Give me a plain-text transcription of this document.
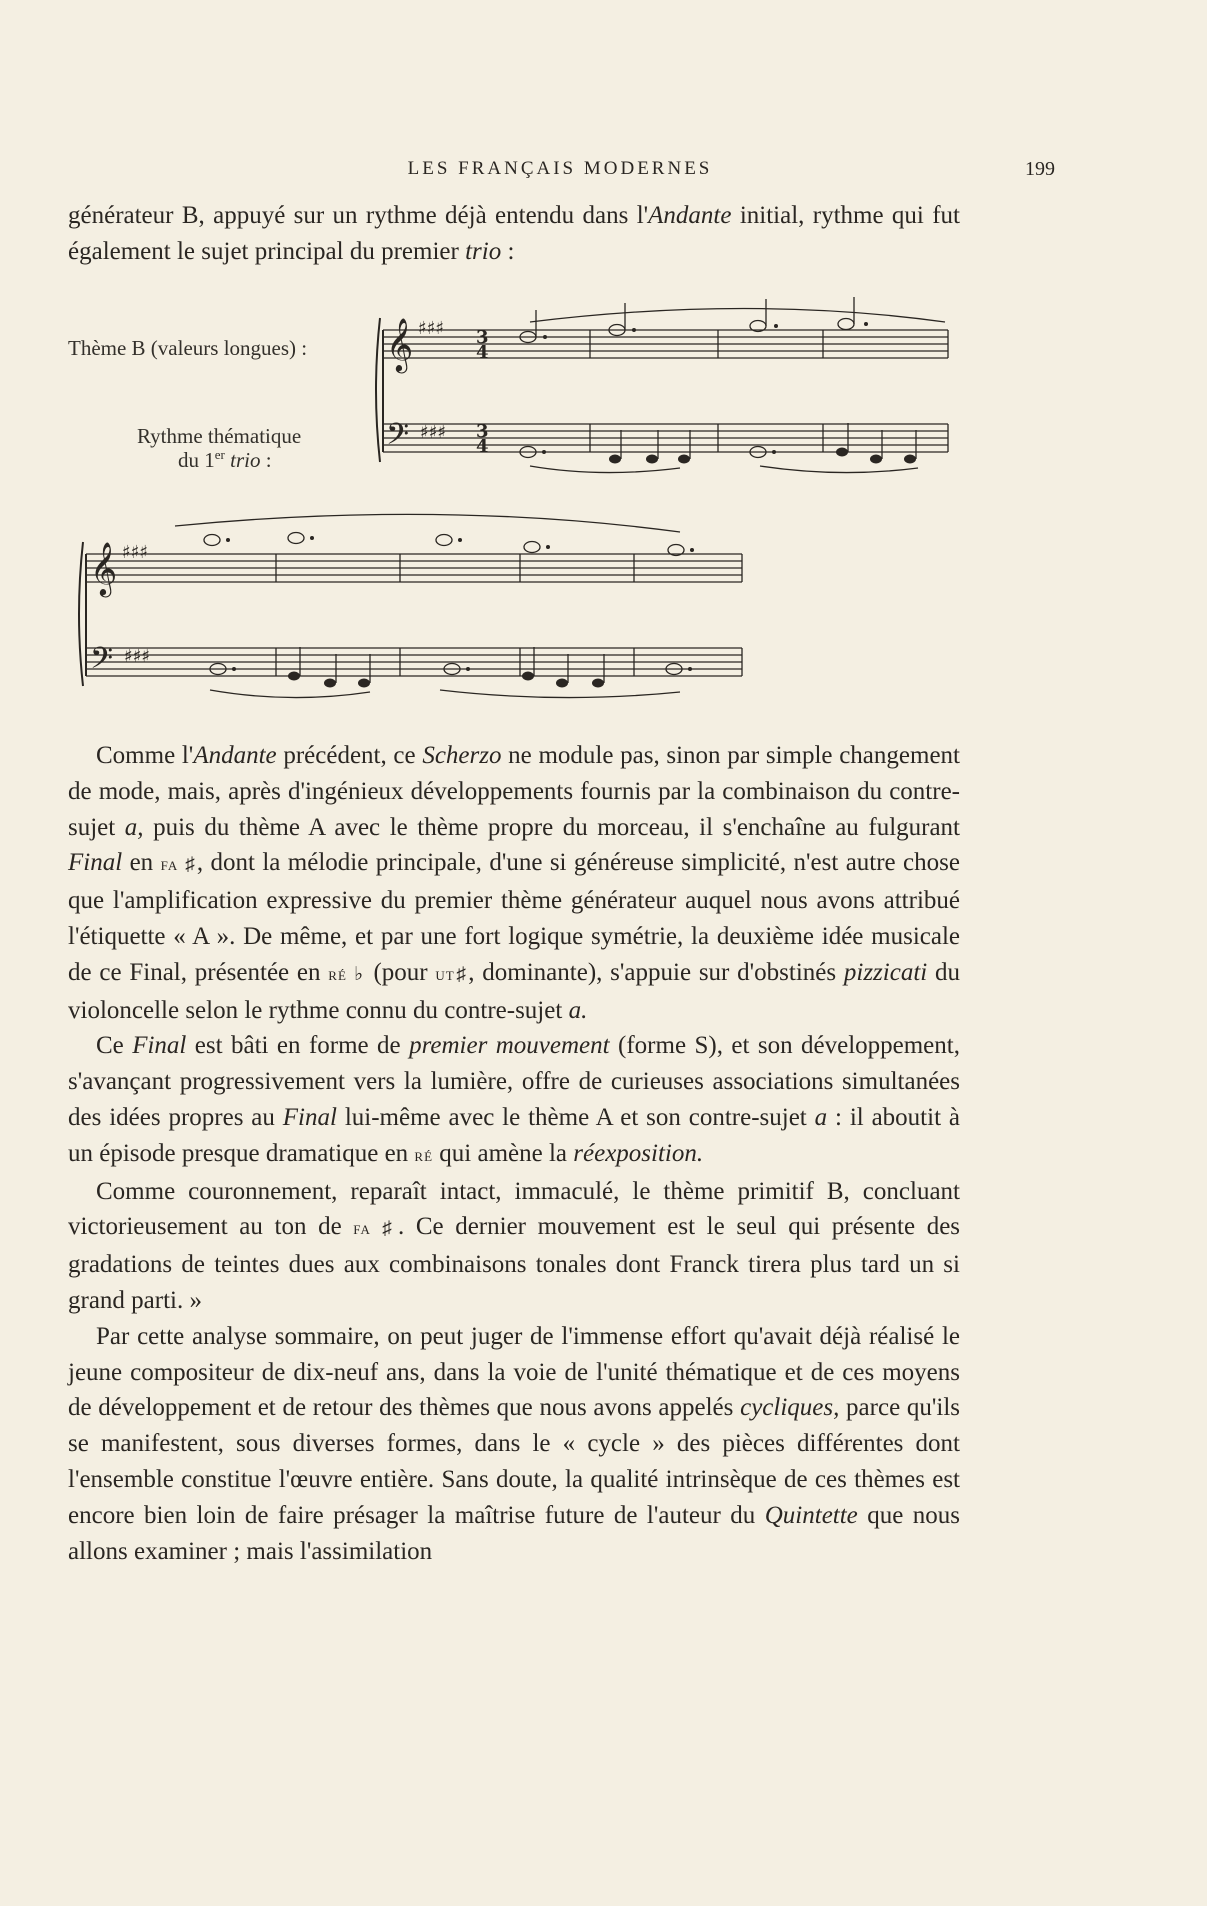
LES FRANÇAIS MODERNES	199

générateur B, appuyé sur un rythme déjà entendu dans l'Andante initial, rythme qui fut également le sujet principal du premier trio :

Thème B (valeurs longues) :
Rythme thématique
du 1er trio :
𝄞
𝄢
𝄞
𝄢
♯♯♯
♯♯♯
♯♯♯
♯♯♯
3
4
3
4

Comme l'Andante précédent, ce Scherzo ne module pas, sinon par simple changement de mode, mais, après d'ingénieux développements fournis par la combinaison du contre-sujet a, puis du thème A avec le thème propre du morceau, il s'enchaîne au fulgurant Final en fa ♯, dont la mélodie principale, d'une si généreuse simplicité, n'est autre chose que l'amplification expressive du premier thème générateur auquel nous avons attribué l'étiquette « A ». De même, et par une fort logique symétrie, la deuxième idée musicale de ce Final, présentée en ré ♭ (pour ut♯, dominante), s'appuie sur d'obstinés pizzicati du violoncelle selon le rythme connu du contre-sujet a.

Ce Final est bâti en forme de premier mouvement (forme S), et son développement, s'avançant progressivement vers la lumière, offre de curieuses associations simultanées des idées propres au Final lui-même avec le thème A et son contre-sujet a : il aboutit à un épisode presque dramatique en ré qui amène la réexposition.

Comme couronnement, reparaît intact, immaculé, le thème primitif B, concluant victorieusement au ton de fa ♯. Ce dernier mouvement est le seul qui présente des gradations de teintes dues aux combinaisons tonales dont Franck tirera plus tard un si grand parti. »

Par cette analyse sommaire, on peut juger de l'immense effort qu'avait déjà réalisé le jeune compositeur de dix-neuf ans, dans la voie de l'unité thématique et de ces moyens de développement et de retour des thèmes que nous avons appelés cycliques, parce qu'ils se manifestent, sous diverses formes, dans le « cycle » des pièces différentes dont l'ensemble constitue l'œuvre entière. Sans doute, la qualité intrinsèque de ces thèmes est encore bien loin de faire présager la maîtrise future de l'auteur du Quintette que nous allons examiner ; mais l'assimilation
